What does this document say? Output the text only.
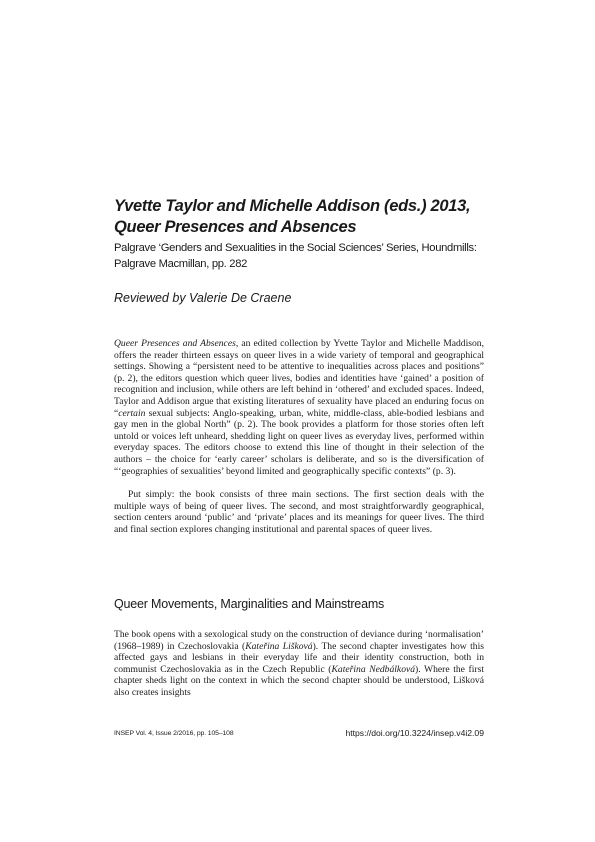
Yvette Taylor and Michelle Addison (eds.) 2013,
Queer Presences and Absences
Palgrave ‘Genders and Sexualities in the Social Sciences’ Series, Houndmills:
Palgrave Macmillan, pp. 282
Reviewed by Valerie De Craene

Queer Presences and Absences, an edited collection by Yvette Taylor and Michelle Maddison, offers the reader thirteen essays on queer lives in a wide variety of temporal and geographical settings. Showing a “persistent need to be attentive to inequalities across places and positions” (p. 2), the editors question which queer lives, bodies and identities have ‘gained’ a position of recognition and inclusion, while others are left behind in ‘othered’ and excluded spaces. Indeed, Taylor and Addison argue that existing literatures of sexuality have placed an enduring focus on “certain sexual subjects: Anglo-speaking, urban, white, middle-class, able-bodied lesbians and gay men in the global North” (p. 2). The book provides a platform for those stories often left untold or voices left unheard, shedding light on queer lives as everyday lives, performed within everyday spaces. The editors choose to extend this line of thought in their selection of the authors – the choice for ‘early career’ scholars is deliberate, and so is the diversification of “‘geographies of sexualities’ beyond limited and geographically specific contexts” (p. 3).

Put simply: the book consists of three main sections. The first section deals with the multiple ways of being of queer lives. The second, and most straightforwardly geographical, section centers around ‘public’ and ‘private’ places and its meanings for queer lives. The third and final section explores changing institutional and parental spaces of queer lives.

Queer Movements, Marginalities and Mainstreams

The book opens with a sexological study on the construction of deviance during ‘normalisation’ (1968–1989) in Czechoslovakia (Kateřina Lišková). The second chapter investigates how this affected gays and lesbians in their everyday life and their identity construction, both in communist Czechoslovakia as in the Czech Republic (Kateřina Nedbálková). Where the first chapter sheds light on the context in which the second chapter should be understood, Lišková also creates insights

INSEP Vol. 4, Issue 2/2016, pp. 105–108	https://doi.org/10.3224/insep.v4i2.09
